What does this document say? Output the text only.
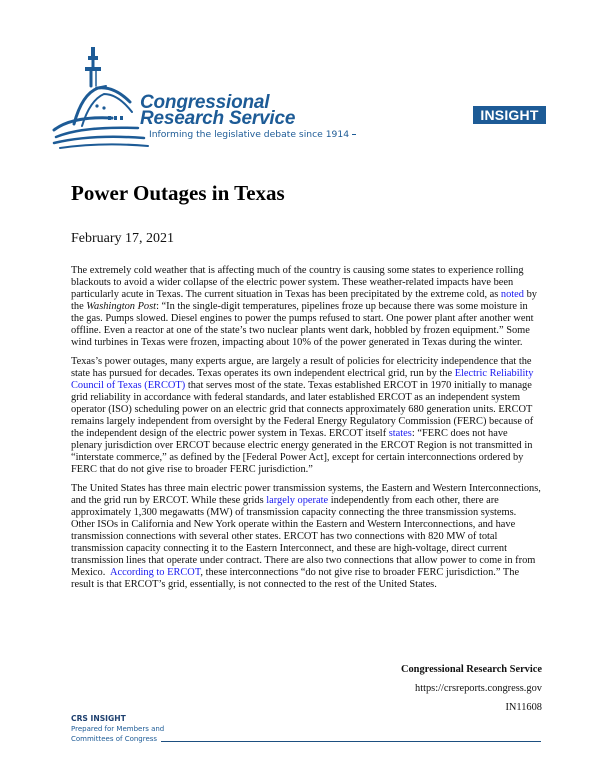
Congressional
Research Service
Informing the legislative debate since 1914
INSIGHT
Power Outages in Texas
February 17, 2021

The extremely cold weather that is affecting much of the country is causing some states to experience rolling blackouts to avoid a wider collapse of the electric power system. These weather-related impacts have been particularly acute in Texas. The current situation in Texas has been precipitated by the extreme cold, as noted by the Washington Post: “In the single-digit temperatures, pipelines froze up because there was some moisture in the gas. Pumps slowed. Diesel engines to power the pumps refused to start. One power plant after another went offline. Even a reactor at one of the state’s two nuclear plants went dark, hobbled by frozen equipment.” Some wind turbines in Texas were frozen, impacting about 10% of the power generated in Texas during the winter.

Texas’s power outages, many experts argue, are largely a result of policies for electricity independence that the state has pursued for decades. Texas operates its own independent electrical grid, run by the Electric Reliability Council of Texas (ERCOT) that serves most of the state. Texas established ERCOT in 1970 initially to manage grid reliability in accordance with federal standards, and later established ERCOT as an independent system operator (ISO) scheduling power on an electric grid that connects approximately 680 generation units. ERCOT remains largely independent from oversight by the Federal Energy Regulatory Commission (FERC) because of the independent design of the electric power system in Texas. ERCOT itself states: “FERC does not have plenary jurisdiction over ERCOT because electric energy generated in the ERCOT Region is not transmitted in “interstate commerce,” as defined by the [Federal Power Act], except for certain interconnections ordered by FERC that do not give rise to broader FERC jurisdiction.”

The United States has three main electric power transmission systems, the Eastern and Western Interconnections, and the grid run by ERCOT. While these grids largely operate independently from each other, there are approximately 1,300 megawatts (MW) of transmission capacity connecting the three transmission systems. Other ISOs in California and New York operate within the Eastern and Western Interconnections, and have transmission connections with several other states. ERCOT has two connections with 820 MW of total transmission capacity connecting it to the Eastern Interconnect, and these are high-voltage, direct current transmission lines that operate under contract. There are also two connections that allow power to come in from Mexico.  According to ERCOT, these interconnections “do not give rise to broader FERC jurisdiction.” The result is that ERCOT’s grid, essentially, is not connected to the rest of the United States.

Congressional Research Service
https://crsreports.congress.gov
IN11608
CRS INSIGHT
Prepared for Members and
Committees of Congress
